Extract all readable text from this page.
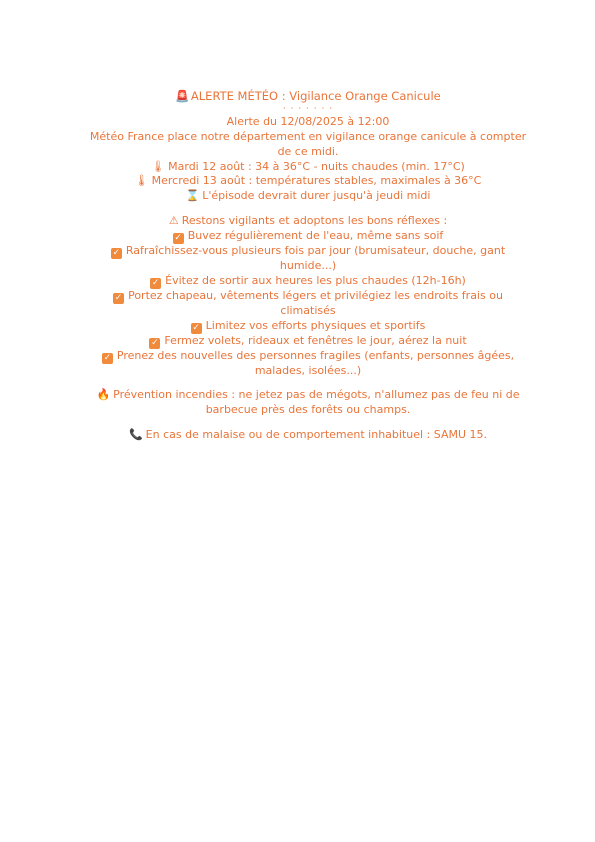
🚨 ALERTE MÉTÉO : Vigilance Orange Canicule

· · · · · · ·

Alerte du 12/08/2025 à 12:00

Météo France place notre département en vigilance orange canicule à compter de ce midi.

🌡 Mardi 12 août : 34 à 36°C - nuits chaudes (min. 17°C)

🌡 Mercredi 13 août : températures stables, maximales à 36°C

⌛ L'épisode devrait durer jusqu'à jeudi midi

⚠ Restons vigilants et adoptons les bons réflexes :

✓ Buvez régulièrement de l'eau, même sans soif

✓ Rafraîchissez-vous plusieurs fois par jour (brumisateur, douche, gant humide...)

✓ Évitez de sortir aux heures les plus chaudes (12h-16h)

✓ Portez chapeau, vêtements légers et privilégiez les endroits frais ou climatisés

✓ Limitez vos efforts physiques et sportifs

✓ Fermez volets, rideaux et fenêtres le jour, aérez la nuit

✓ Prenez des nouvelles des personnes fragiles (enfants, personnes âgées, malades, isolées...)

🔥 Prévention incendies : ne jetez pas de mégots, n'allumez pas de feu ni de barbecue près des forêts ou champs.

📞 En cas de malaise ou de comportement inhabituel : SAMU 15.
